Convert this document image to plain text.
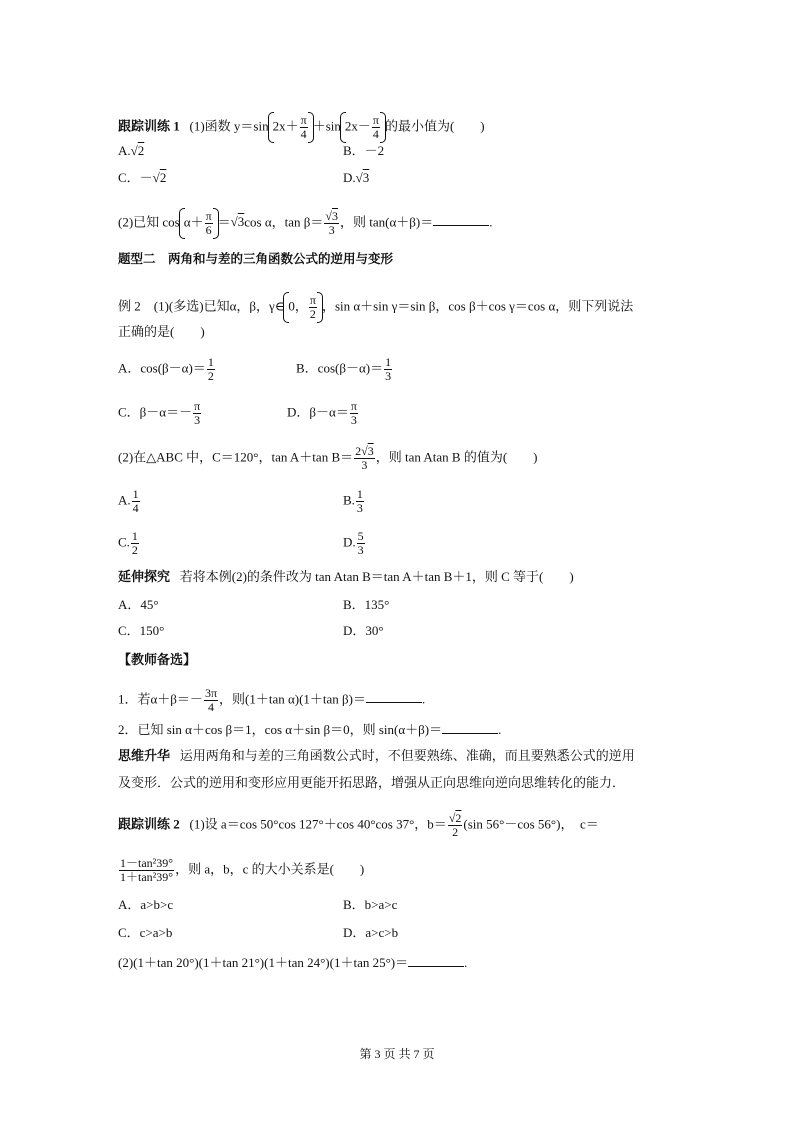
跟踪训练 1 (1)函数 y＝sin $2x+ \frac{\pi}{4} +\sin$ $2x- \frac{\pi}{4}$ 的最小值为(　　)
A.√2	B．－2
C．－√2	D.√3
(2)已知 $\cos \alpha+ \frac{\pi}{6} =√3\cos$ α，$\tan \beta= \frac{√3}{3}$ ，则 tan(α＋β)＝	.
题型二　两角和与差的三角函数公式的逆用与变形
例 2　(1)(多选)已知α，β，γ∈ 0， $\frac{\pi}{2}$ ，sin α＋sin γ＝sin β，cos β＋cos γ＝cos α，则下列说法
正确的是(　　)
A．$\cos(\beta-\alpha)= \frac{1}{2}$	B．$\cos(\beta-\alpha)= \frac{1}{3}$
C．$\beta-\alpha=- \frac{\pi}{3}$	D．$\beta-\alpha= \frac{\pi}{3}$
(2)在△ABC 中，C＝120°，tan A＋tan $B= \frac{2√3}{3}$ ，则 tan Atan B 的值为(　　)
A. $\frac{1}{4}$	B. $\frac{1}{3}$
C. $\frac{1}{2}$	D. $\frac{5}{3}$
延伸探究 若将本例(2)的条件改为 tan Atan B＝tan A＋tan B＋1，则 C 等于(　　)
A．45°	B．135°
C．150°	D．30°
【教师备选】
1．若$\alpha+\beta=- \frac{3\pi}{4}$ ，则(1＋tan α)(1＋tan β)＝	.
2．已知 sin α＋cos β＝1，cos α＋sin β＝0，则 sin(α＋β)＝	.
思维升华 运用两角和与差的三角函数公式时，不但要熟练、准确，而且要熟悉公式的逆用
及变形．公式的逆用和变形应用更能开拓思路，增强从正向思维向逆向思维转化的能力．
跟踪训练 2 (1)设 a＝cos 50°cos 127°＋cos 40°cos 37°，$b= \frac{√2}{2} (\sin$ 56°－cos 56°)，　c＝
$\frac{\text{1－tan²39°}}{\text{1＋tan²39°}}$ ，则 a，b，c 的大小关系是(　　)
A．a>b>c	B．b>a>c
C．c>a>b	D．a>c>b
(2)(1＋tan 20°)(1＋tan 21°)(1＋tan 24°)(1＋tan 25°)＝	.
第 3 页 共 7 页
